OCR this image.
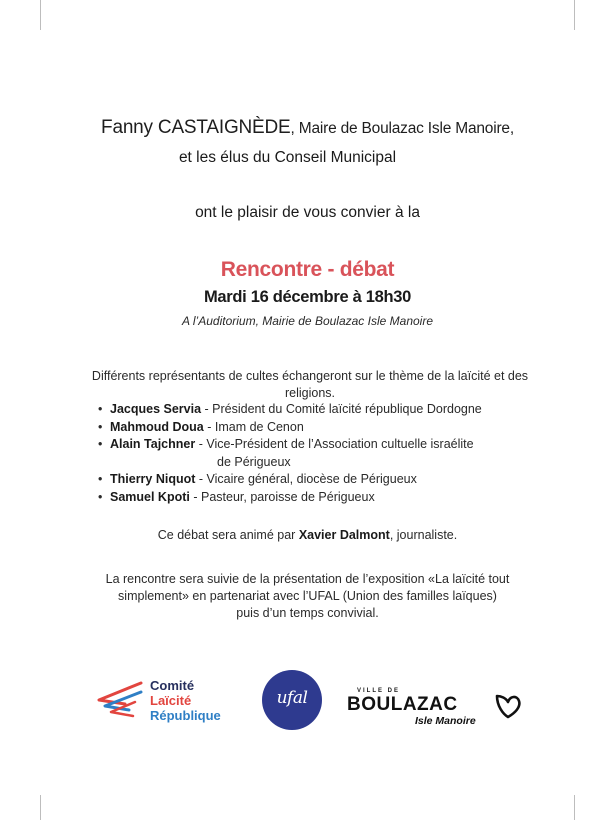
Fanny CASTAIGNÈDE, Maire de Boulazac Isle Manoire,
et les élus du Conseil Municipal
ont le plaisir de vous convier à la
Rencontre - débat
Mardi 16 décembre à 18h30
A l’Auditorium, Mairie de Boulazac Isle Manoire
Différents représentants de cultes échangeront sur le thème de la laïcité et des religions.
• Jacques Servia - Président du Comité laïcité république Dordogne
• Mahmoud Doua - Imam de Cenon
• Alain Tajchner - Vice-Président de l’Association cultuelle israélite
de Périgueux
• Thierry Niquot - Vicaire général, diocèse de Périgueux
• Samuel Kpoti - Pasteur, paroisse de Périgueux
Ce débat sera animé par Xavier Dalmont, journaliste.
La rencontre sera suivie de la présentation de l’exposition «La laïcité tout simplement» en partenariat avec l’UFAL (Union des familles laïques) puis d’un temps convivial.
Comité
Laïcité
République
ufal	VILLE DE
BOULAZAC
Isle Manoire
